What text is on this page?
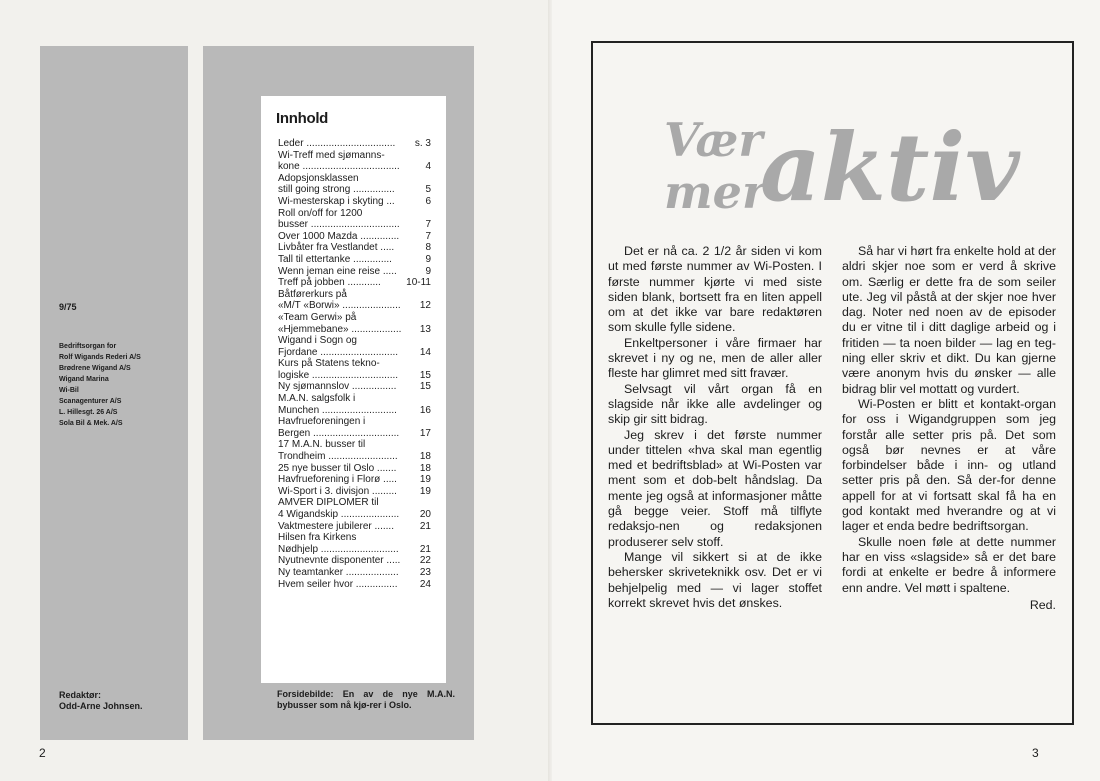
9/75
Bedriftsorgan for
Rolf Wigands Rederi A/S
Brødrene Wigand A/S
Wigand Marina
Wi-Bil
Scanagenturer A/S
L. Hillesgt. 26 A/S
Sola Bil & Mek. A/S
Redaktør:
Odd-Arne Johnsen.
Innhold
Leder ................................	s. 3
Wi-Treff med sjømanns-
kone ...................................	4
Adopsjonsklassen
still going strong ...............	5
Wi-mesterskap i skyting ...	6
Roll on/off for 1200
busser ................................	7
Over 1000 Mazda ..............	7
Livbåter fra Vestlandet .....	8
Tall til ettertanke ..............	9
Wenn jeman eine reise .....	9
Treff på jobben ............	10-11
Båtførerkurs på
«M/T «Borwi» .....................	12
«Team Gerwi» på
«Hjemmebane» ..................	13
Wigand i Sogn og
Fjordane ............................	14
Kurs på Statens tekno-
logiske ...............................	15
Ny sjømannslov ................	15
M.A.N. salgsfolk i
Munchen ...........................	16
Havfrueforeningen i
Bergen ...............................	17
17 M.A.N. busser til
Trondheim .........................	18
25 nye busser til Oslo .......	18
Havfrueforening i Florø .....	19
Wi-Sport i 3. divisjon .........	19
AMVER DIPLOMER til
4 Wigandskip .....................	20
Vaktmestere jubilerer .......	21
Hilsen fra Kirkens
Nødhjelp ............................	21
Nyutnevnte disponenter .....	22
Ny teamtanker ...................	23
Hvem seiler hvor ...............	24
Forsidebilde: En av de nye M.A.N. bybusser som nå kjø-rer i Oslo.
2
Vær
mer
aktiv

Det er nå ca. 2 1/2 år siden vi kom ut med første nummer av Wi-Posten. I første nummer kjørte vi med siste siden blank, bortsett fra en liten appell om at det ikke var bare redaktøren som skulle fylle sidene.

Enkeltpersoner i våre firmaer har skrevet i ny og ne, men de aller aller fleste har glimret med sitt fravær.

Selvsagt vil vårt organ få en slagside når ikke alle avdelinger og skip gir sitt bidrag.

Jeg skrev i det første nummer under tittelen «hva skal man egentlig med et bedriftsblad» at Wi-Posten var ment som et dob-belt håndslag. Da mente jeg også at informasjoner måtte gå begge veier. Stoff må tilflyte redaksjo-nen og redaksjonen produserer selv stoff.

Mange vil sikkert si at de ikke behersker skriveteknikk osv. Det er vi behjelpelig med — vi lager stoffet korrekt skrevet hvis det ønskes.

Så har vi hørt fra enkelte hold at der aldri skjer noe som er verd å skrive om. Særlig er dette fra de som seiler ute. Jeg vil påstå at der skjer noe hver dag. Noter ned noen av de episoder du er vitne til i ditt daglige arbeid og i fritiden — ta noen bilder — lag en teg-ning eller skriv et dikt. Du kan gjerne være anonym hvis du ønsker — alle bidrag blir vel mottatt og vurdert.

Wi-Posten er blitt et kontakt-organ for oss i Wigandgruppen som jeg forstår alle setter pris på. Det som også bør nevnes er at våre forbindelser både i inn- og utland setter pris på den. Så der-for denne appell for at vi fortsatt skal få ha en god kontakt med hverandre og at vi lager et enda bedre bedriftsorgan.

Skulle noen føle at dette nummer har en viss «slagside» så er det bare fordi at enkelte er bedre å informere enn andre. Vel møtt i spaltene.

Red.

3
